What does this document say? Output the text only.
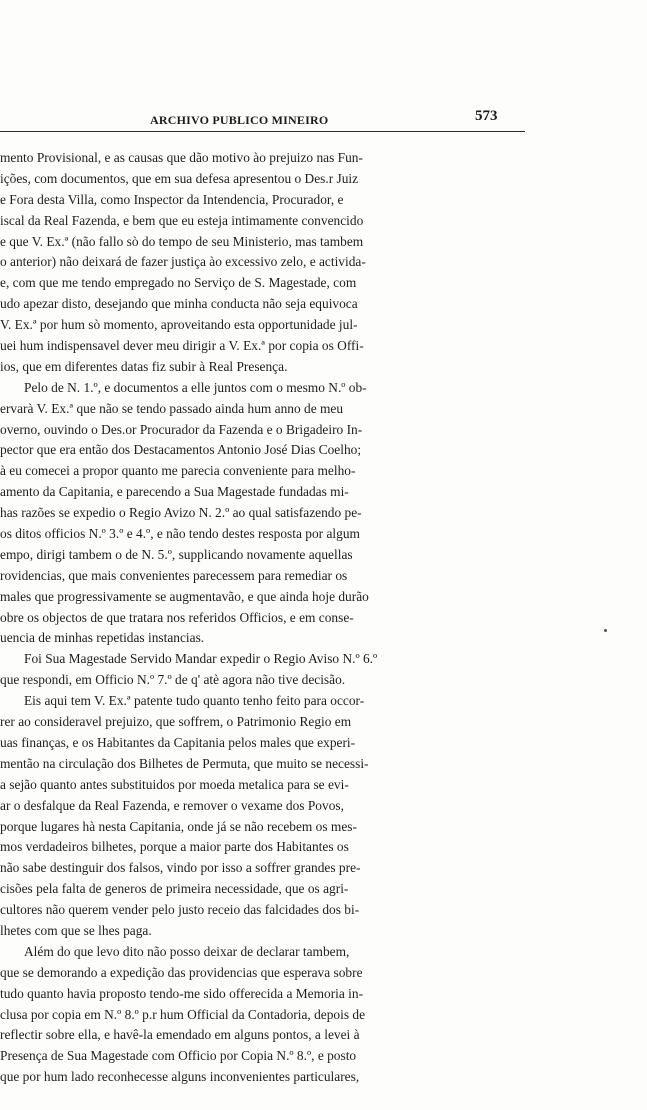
ARCHIVO PUBLICO MINEIRO	573
mento Provisional, e as causas que dão motivo ào prejuizo nas Fun-
ições, com documentos, que em sua defesa apresentou o Des.r Juiz
e Fora desta Villa, como Inspector da Intendencia, Procurador, e
iscal da Real Fazenda, e bem que eu esteja intimamente convencido
e que V. Ex.ª (não fallo sò do tempo de seu Ministerio, mas tambem
o anterior) não deixará de fazer justiça ào excessivo zelo, e activida-
e, com que me tendo empregado no Serviço de S. Magestade, com
udo apezar disto, desejando que minha conducta não seja equivoca
V. Ex.ª por hum sò momento, aproveitando esta opportunidade jul-
uei hum indispensavel dever meu dirigir a V. Ex.ª por copia os Offi-
ios, que em diferentes datas fiz subir à Real Presença.
Pelo de N. 1.º, e documentos a elle juntos com o mesmo N.º ob-
ervarà V. Ex.ª que não se tendo passado ainda hum anno de meu
overno, ouvindo o Des.or Procurador da Fazenda e o Brigadeiro In-
pector que era então dos Destacamentos Antonio José Dias Coelho;
à eu comecei a propor quanto me parecia conveniente para melho-
amento da Capitania, e parecendo a Sua Magestade fundadas mi-
has razões se expedio o Regio Avizo N. 2.º ao qual satisfazendo pe-
os ditos officios N.º 3.º e 4.º, e não tendo destes resposta por algum
empo, dirigi tambem o de N. 5.º, supplicando novamente aquellas
rovidencias, que mais convenientes parecessem para remediar os
males que progressivamente se augmentavão, e que ainda hoje durão
obre os objectos de que tratara nos referidos Officios, e em conse-
uencia de minhas repetidas instancias.
Foi Sua Magestade Servido Mandar expedir o Regio Aviso N.º 6.º
que respondi, em Officio N.º 7.º de q' atè agora não tive decisão.
Eis aqui tem V. Ex.ª patente tudo quanto tenho feito para occor-
rer ao consideravel prejuizo, que soffrem, o Patrimonio Regio em
uas finanças, e os Habitantes da Capitania pelos males que experi-
mentão na circulação dos Bilhetes de Permuta, que muito se necessi-
a sejão quanto antes substituidos por moeda metalica para se evi-
ar o desfalque da Real Fazenda, e remover o vexame dos Povos,
porque lugares hà nesta Capitania, onde já se não recebem os mes-
mos verdadeiros bilhetes, porque a maior parte dos Habitantes os
não sabe destinguir dos falsos, vindo por isso a soffrer grandes pre-
cisões pela falta de generos de primeira necessidade, que os agri-
cultores não querem vender pelo justo receio das falcidades dos bi-
lhetes com que se lhes paga.
Além do que levo dito não posso deixar de declarar tambem,
que se demorando a expedição das providencias que esperava sobre
tudo quanto havia proposto tendo-me sido offerecida a Memoria in-
clusa por copia em N.º 8.º p.r hum Official da Contadoria, depois de
reflectir sobre ella, e havê-la emendado em alguns pontos, a levei à
Presença de Sua Magestade com Officio por Copia N.º 8.º, e posto
que por hum lado reconhecesse alguns inconvenientes particulares,
